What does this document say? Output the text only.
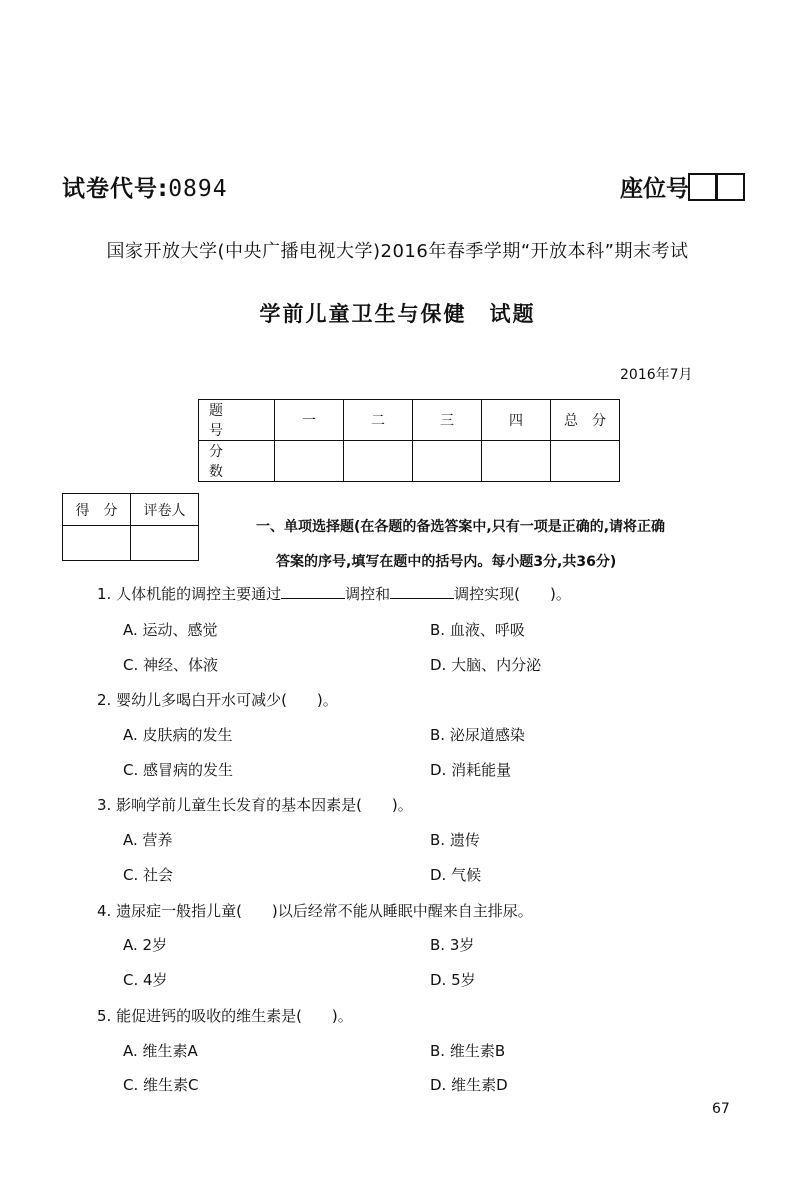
试卷代号:0894	座位号
国家开放大学(中央广播电视大学)2016年春季学期“开放本科”期末考试
学前儿童卫生与保健　试题
2016年7月
题　号	一	二	三	四	总　分
分　数					
得　分	评卷人

一、单项选择题(在各题的备选答案中,只有一项是正确的,请将正确
答案的序号,填写在题中的括号内。每小题3分,共36分)
1. 人体机能的调控主要通过	调控和	调控实现(　　)。
A. 运动、感觉	B. 血液、呼吸
C. 神经、体液	D. 大脑、内分泌
2. 婴幼儿多喝白开水可减少(　　)。
A. 皮肤病的发生	B. 泌尿道感染
C. 感冒病的发生	D. 消耗能量
3. 影响学前儿童生长发育的基本因素是(　　)。
A. 营养	B. 遗传
C. 社会	D. 气候
4. 遗尿症一般指儿童(　　)以后经常不能从睡眠中醒来自主排尿。
A. 2岁	B. 3岁
C. 4岁	D. 5岁
5. 能促进钙的吸收的维生素是(　　)。
A. 维生素A	B. 维生素B
C. 维生素C	D. 维生素D
67
